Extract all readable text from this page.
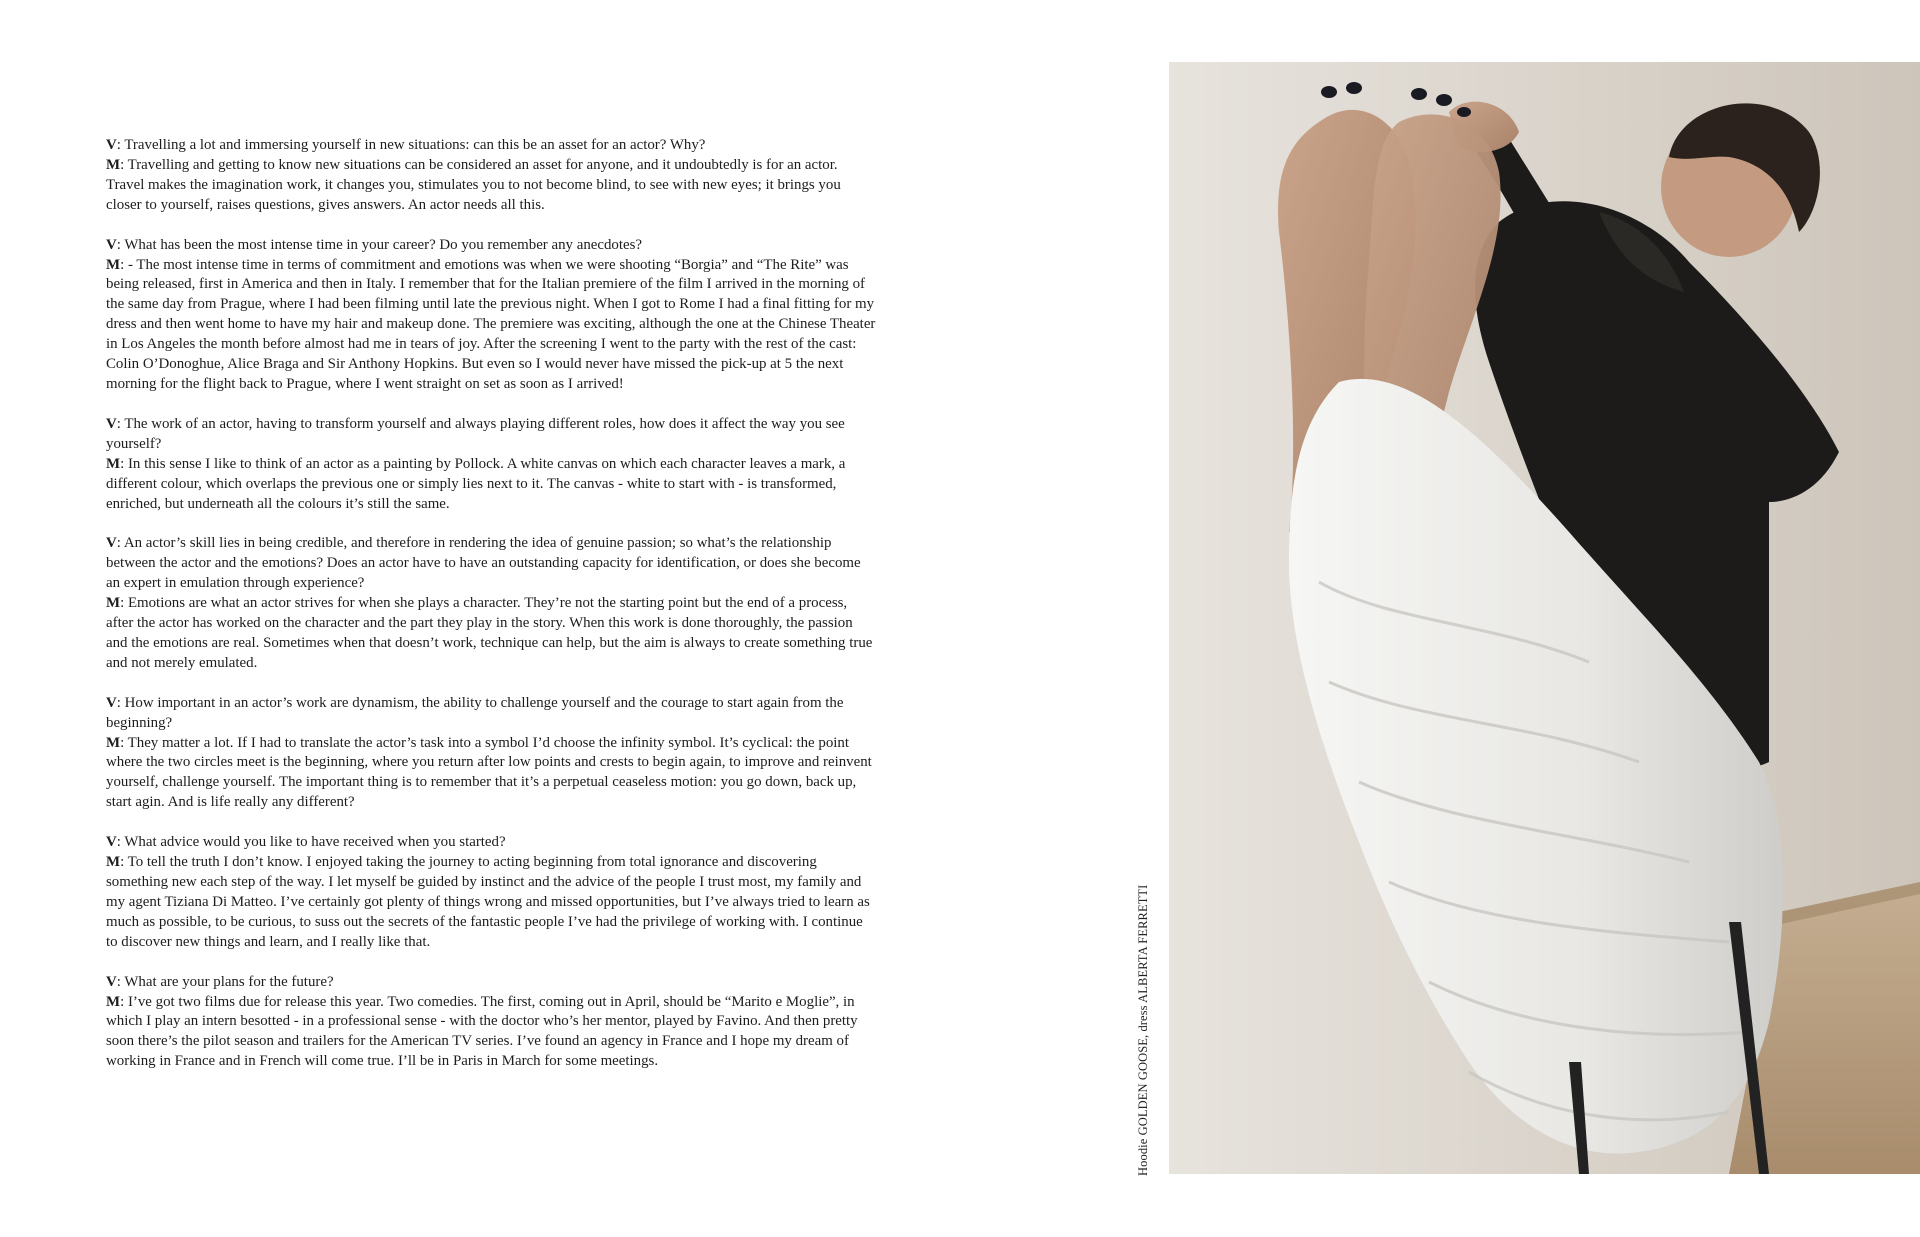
V: Travelling a lot and immersing yourself in new situations: can this be an asset for an actor? Why?

M: Travelling and getting to know new situations can be considered an asset for anyone, and it undoubtedly is for an actor. Travel makes the imagination work, it changes you, stimulates you to not become blind, to see with new eyes; it brings you closer to yourself, raises questions, gives answers. An actor needs all this.

V: What has been the most intense time in your career? Do you remember any anecdotes?

M: - The most intense time in terms of commitment and emotions was when we were shooting “Borgia” and “The Rite” was being released, first in America and then in Italy. I remember that for the Italian premiere of the film I arrived in the morning of the same day from Prague, where I had been filming until late the previous night. When I got to Rome I had a final fitting for my dress and then went home to have my hair and makeup done. The premiere was exciting, although the one at the Chinese Theater in Los Angeles the month before almost had me in tears of joy. After the screening I went to the party with the rest of the cast: Colin O’Donoghue, Alice Braga and Sir Anthony Hopkins. But even so I would never have missed the pick-up at 5 the next morning for the flight back to Prague, where I went straight on set as soon as I arrived!

V: The work of an actor, having to transform yourself and always playing different roles, how does it affect the way you see yourself?

M: In this sense I like to think of an actor as a painting by Pollock. A white canvas on which each character leaves a mark, a different colour, which overlaps the previous one or simply lies next to it. The canvas - white to start with - is transformed, enriched, but underneath all the colours it’s still the same.

V: An actor’s skill lies in being credible, and therefore in rendering the idea of genuine passion; so what’s the relationship between the actor and the emotions? Does an actor have to have an outstanding capacity for identification, or does she become an expert in emulation through experience?

M: Emotions are what an actor strives for when she plays a character. They’re not the starting point but the end of a process, after the actor has worked on the character and the part they play in the story. When this work is done thoroughly, the passion and the emotions are real. Sometimes when that doesn’t work, technique can help, but the aim is always to create something true and not merely emulated.

V: How important in an actor’s work are dynamism, the ability to challenge yourself and the courage to start again from the beginning?

M: They matter a lot. If I had to translate the actor’s task into a symbol I’d choose the infinity symbol. It’s cyclical: the point where the two circles meet is the beginning, where you return after low points and crests to begin again, to improve and reinvent yourself, challenge yourself. The important thing is to remember that it’s a perpetual ceaseless motion: you go down, back up, start agin. And is life really any different?

V: What advice would you like to have received when you started?

M: To tell the truth I don’t know. I enjoyed taking the journey to acting beginning from total ignorance and discovering something new each step of the way. I let myself be guided by instinct and the advice of the people I trust most, my family and my agent Tiziana Di Matteo. I’ve certainly got plenty of things wrong and missed opportunities, but I’ve always tried to learn as much as possible, to be curious, to suss out the secrets of the fantastic people I’ve had the privilege of working with. I continue to discover new things and learn, and I really like that.

V: What are your plans for the future?

M: I’ve got two films due for release this year. Two comedies. The first, coming out in April, should be “Marito e Moglie”, in which I play an intern besotted - in a professional sense - with the doctor who’s her mentor, played by Favino. And then pretty soon there’s the pilot season and trailers for the American TV series. I’ve found an agency in France and I hope my dream of working in France and in French will come true. I’ll be in Paris in March for some meetings.	Hoodie GOLDEN GOOSE, dress ALBERTA FERRETTI
